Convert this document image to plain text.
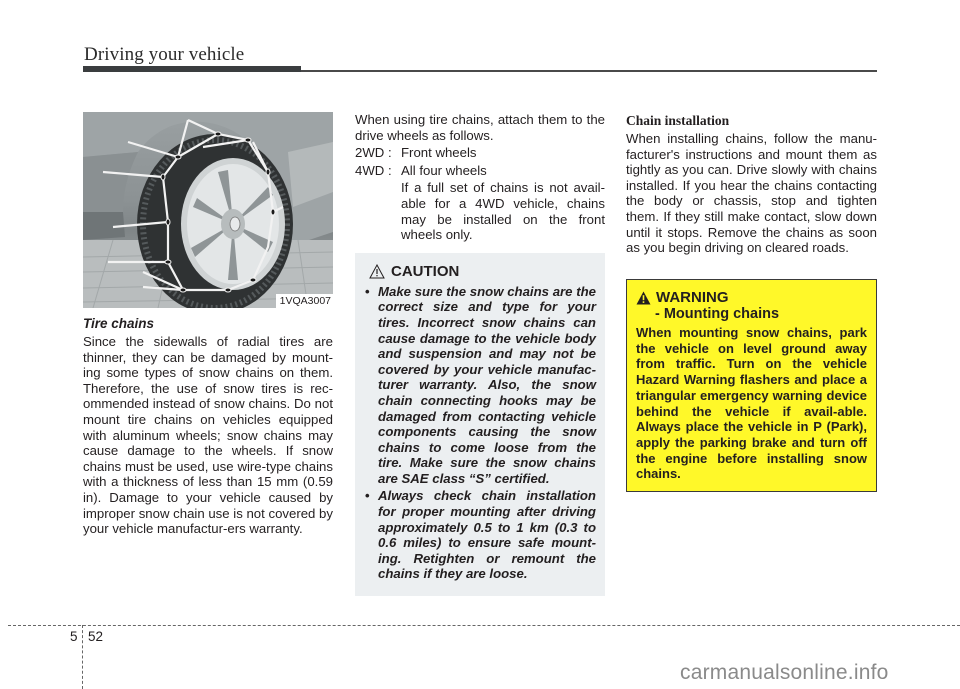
Driving your vehicle
1VQA3007
Tire chains
Since the sidewalls of radial tires are thinner, they can be damaged by mount-ing some types of snow chains on them. Therefore, the use of snow tires is rec-ommended instead of snow chains. Do not mount tire chains on vehicles equipped with aluminum wheels; snow chains may cause damage to the wheels. If snow chains must be used, use wire-type chains with a thickness of less than 15 mm (0.59 in). Damage to your vehicle caused by improper snow chain use is not covered by your vehicle manufactur-ers warranty.
When using tire chains, attach them to the drive wheels as follows.
2WD : Front wheels
4WD : All four wheels
If a full set of chains is not avail-able for a 4WD vehicle, chains may be installed on the front wheels only.
CAUTION
• Make sure the snow chains are the correct size and type for your tires. Incorrect snow chains can cause damage to the vehicle body and suspension and may not be covered by your vehicle manufac-turer warranty. Also, the snow chain connecting hooks may be damaged from contacting vehicle components causing the snow chains to come loose from the tire. Make sure the snow chains are SAE class “S” certified.
• Always check chain installation for proper mounting after driving approximately 0.5 to 1 km (0.3 to 0.6 miles) to ensure safe mount-ing. Retighten or remount the chains if they are loose.
Chain installation
When installing chains, follow the manu-facturer's instructions and mount them as tightly as you can. Drive slowly with chains installed. If you hear the chains contacting the body or chassis, stop and tighten them. If they still make contact, slow down until it stops. Remove the chains as soon as you begin driving on cleared roads.
WARNING
- Mounting chains
When mounting snow chains, park the vehicle on level ground away from traffic. Turn on the vehicle Hazard Warning flashers and place a triangular emergency warning device behind the vehicle if avail-able. Always place the vehicle in P (Park), apply the parking brake and turn off the engine before installing snow chains.
5 52
carmanualsonline.info
